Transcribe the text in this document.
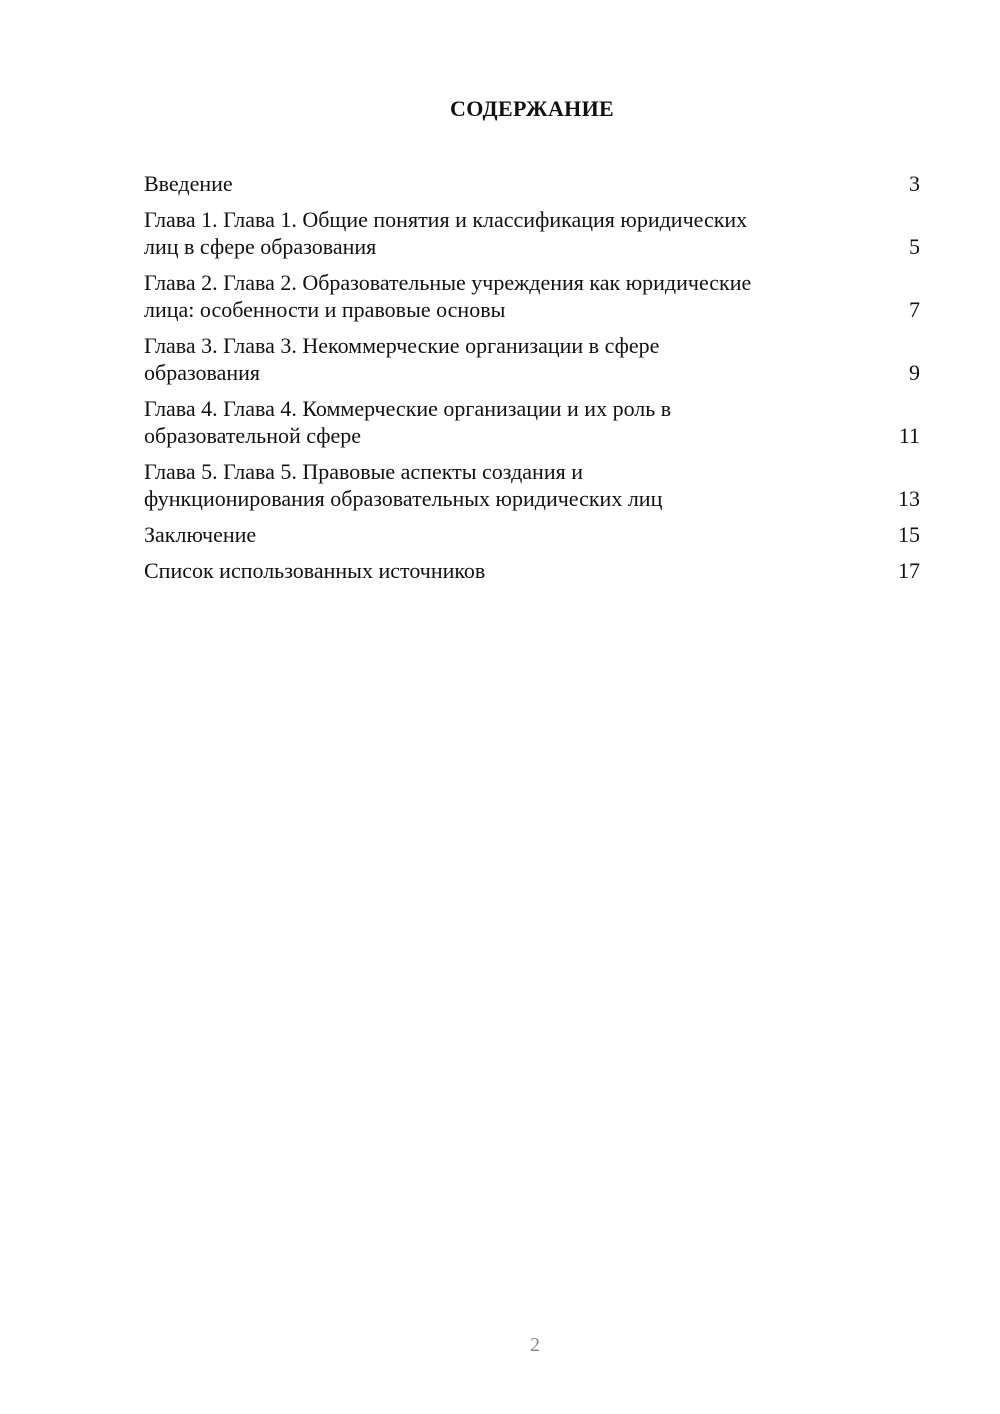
СОДЕРЖАНИЕ
Введение	3
Глава 1. Глава 1. Общие понятия и классификация юридических лиц в сфере образования	5
Глава 2. Глава 2. Образовательные учреждения как юридические лица: особенности и правовые основы	7
Глава 3. Глава 3. Некоммерческие организации в сфере образования	9
Глава 4. Глава 4. Коммерческие организации и их роль в образовательной сфере	11
Глава 5. Глава 5. Правовые аспекты создания и функционирования образовательных юридических лиц	13
Заключение	15
Список использованных источников	17
2
